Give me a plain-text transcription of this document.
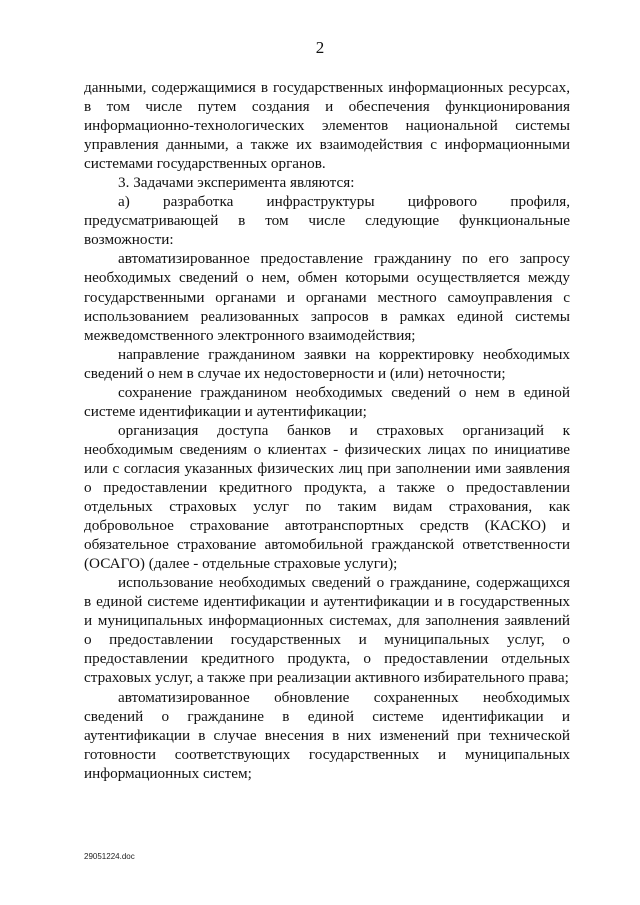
2

данными, содержащимися в государственных информационных ресурсах, в том числе путем создания и обеспечения функционирования информационно-технологических элементов национальной системы управления данными, а также их взаимодействия с информационными системами государственных органов.

3. Задачами эксперимента являются:

а) разработка инфраструктуры цифрового профиля, предусматривающей в том числе следующие функциональные возможности:

автоматизированное предоставление гражданину по его запросу необходимых сведений о нем, обмен которыми осуществляется между государственными органами и органами местного самоуправления с использованием реализованных запросов в рамках единой системы межведомственного электронного взаимодействия;

направление гражданином заявки на корректировку необходимых сведений о нем в случае их недостоверности и (или) неточности;

сохранение гражданином необходимых сведений о нем в единой системе идентификации и аутентификации;

организация доступа банков и страховых организаций к необходимым сведениям о клиентах - физических лицах по инициативе или с согласия указанных физических лиц при заполнении ими заявления о предоставлении кредитного продукта, а также о предоставлении отдельных страховых услуг по таким видам страхования, как добровольное страхование автотранспортных средств (КАСКО) и обязательное страхование автомобильной гражданской ответственности (ОСАГО) (далее - отдельные страховые услуги);

использование необходимых сведений о гражданине, содержащихся в единой системе идентификации и аутентификации и в государственных и муниципальных информационных системах, для заполнения заявлений о предоставлении государственных и муниципальных услуг, о предоставлении кредитного продукта, о предоставлении отдельных страховых услуг, а также при реализации активного избирательного права;

автоматизированное обновление сохраненных необходимых сведений о гражданине в единой системе идентификации и аутентификации в случае внесения в них изменений при технической готовности соответствующих государственных и муниципальных информационных систем;

29051224.doc
